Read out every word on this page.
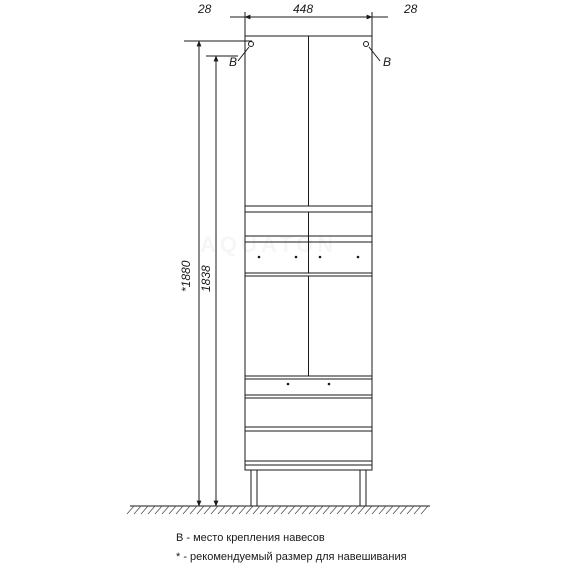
28	448	28
*1880 1838
B	B
B - место крепления навесов
* - рекомендуемый размер для навешивания
